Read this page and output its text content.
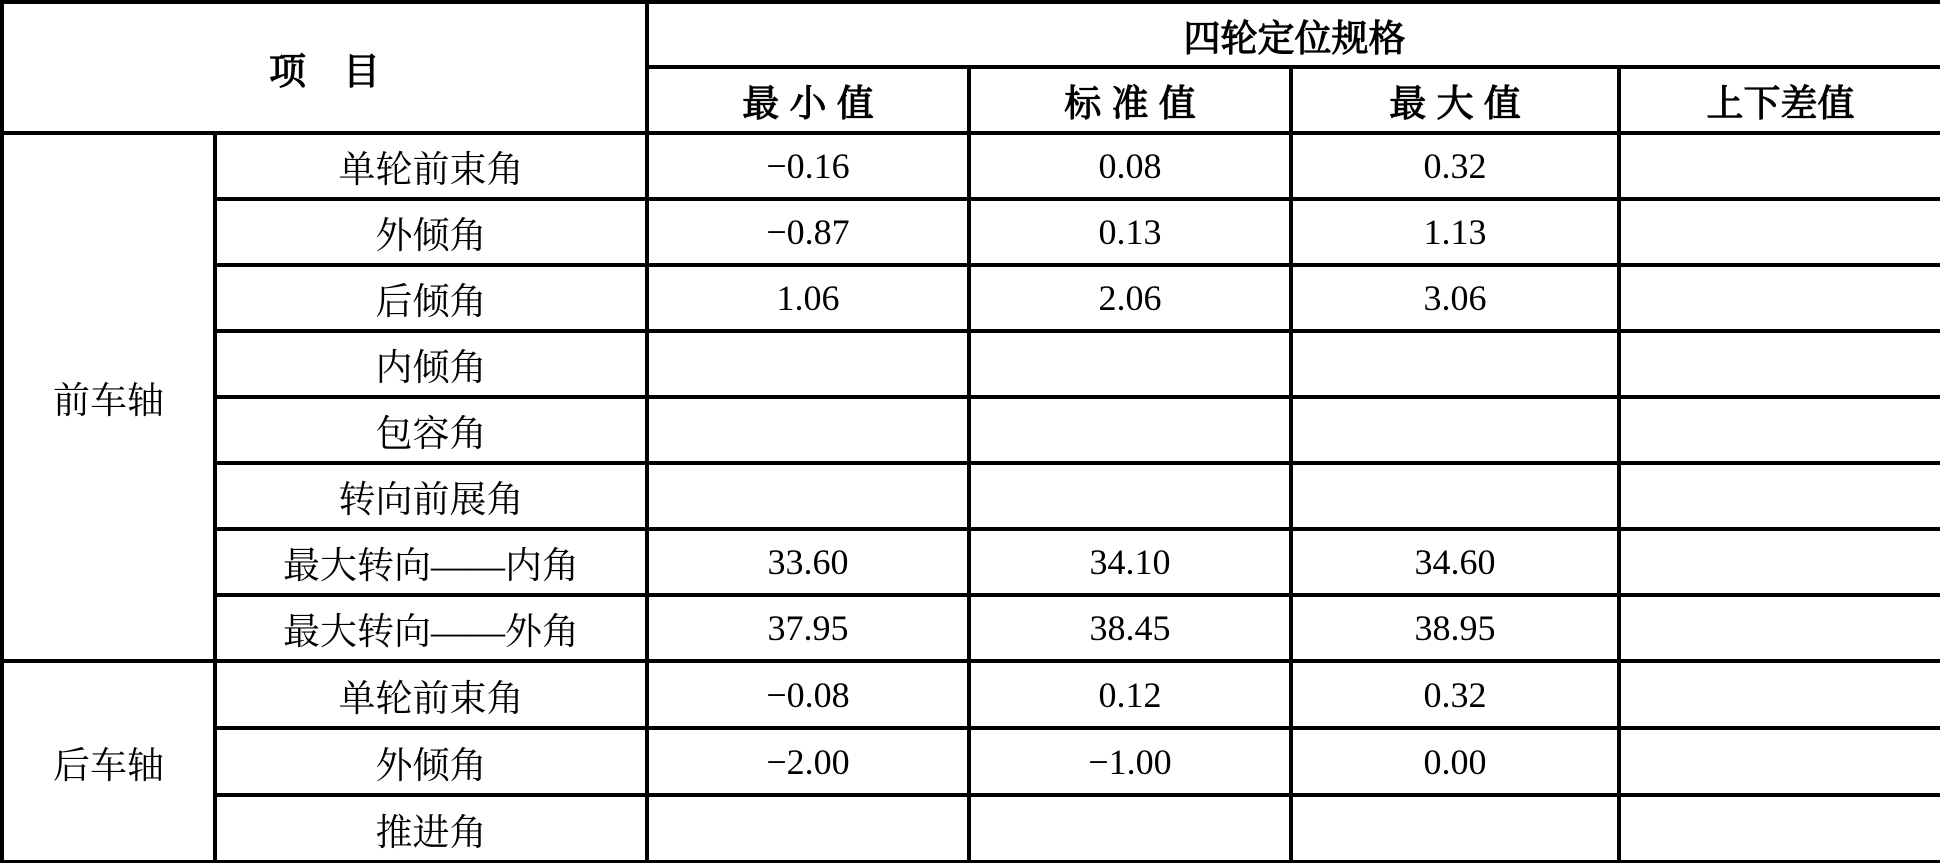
项　目		四轮定位规格			
		最 小 值	标 准 值	最 大 值	上下差值
前车轴	单轮前束角	−0.16	0.08	0.32	
	外倾角	−0.87	0.13	1.13	
	后倾角	1.06	2.06	3.06	
	内倾角				
	包容角				
	转向前展角				
	最大转向——内角	33.60	34.10	34.60	
	最大转向——外角	37.95	38.45	38.95	
后车轴	单轮前束角	−0.08	0.12	0.32	
	外倾角	−2.00	−1.00	0.00	
	推进角				
